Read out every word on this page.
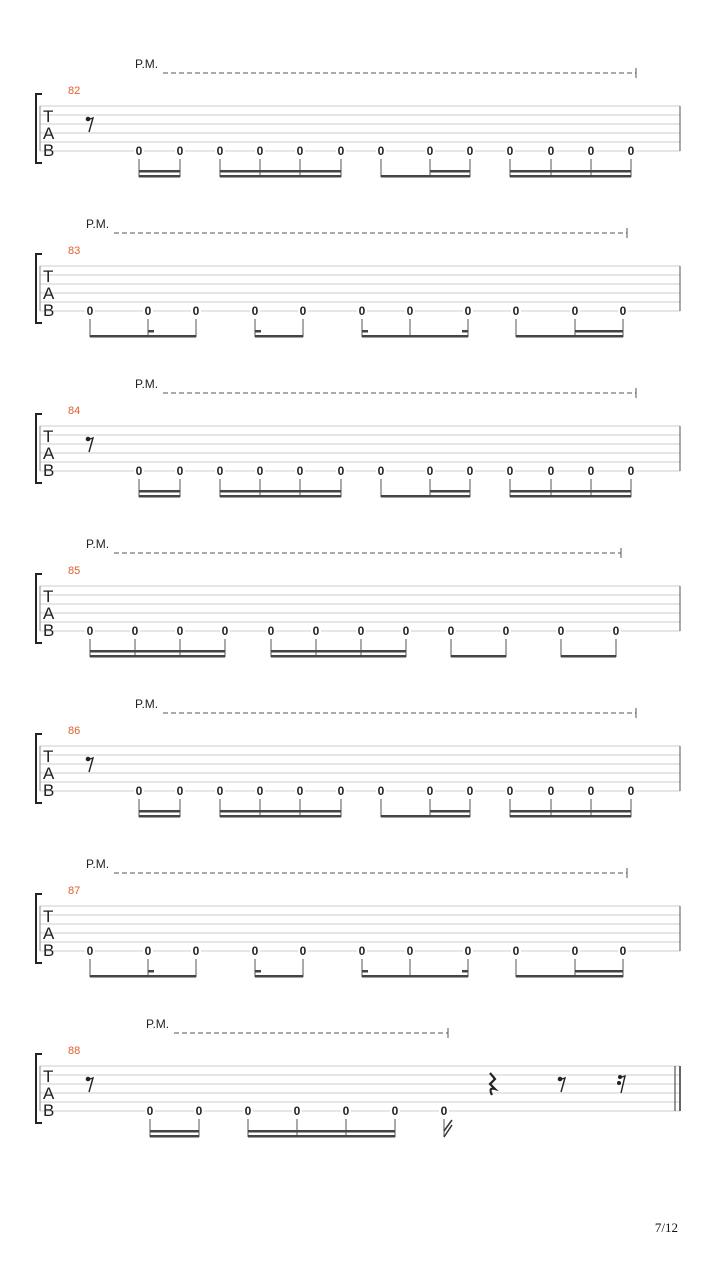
P.M.
82
T
A
B	0	0	0	0	0	0	0	0	0	0	0	0	0
P.M.
83
T
A
B	0	0	0	0	0	0	0	0	0	0	0
P.M.
84
T
A
B	0	0	0	0	0	0	0	0	0	0	0	0	0
P.M.
85
T
A
B	0	0	0	0	0	0	0	0	0	0	0	0
P.M.
86
T
A
B	0	0	0	0	0	0	0	0	0	0	0	0	0
P.M.
87
T
A
B	0	0	0	0	0	0	0	0	0	0	0
P.M.
88
T
A
B	0	0	0	0	0	0	0
7/12
